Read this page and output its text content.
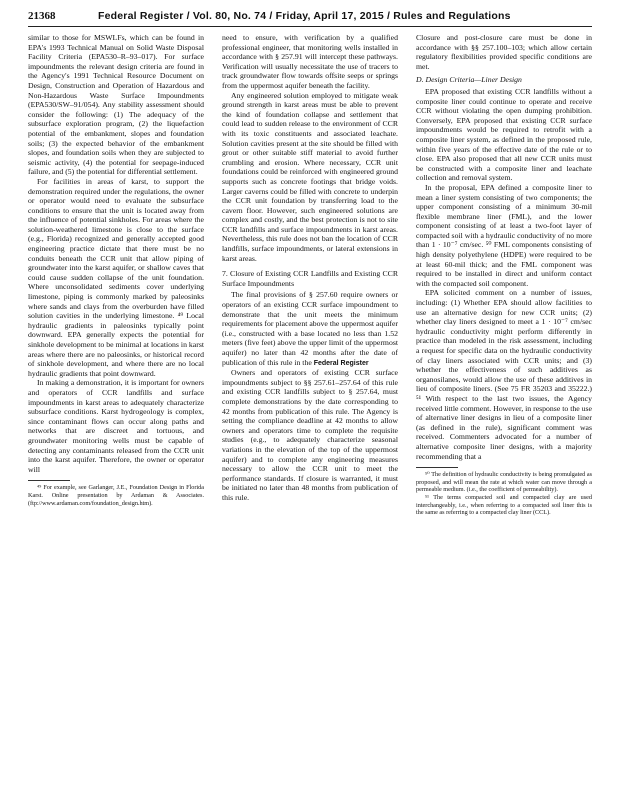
21368	Federal Register / Vol. 80, No. 74 / Friday, April 17, 2015 / Rules and Regulations

similar to those for MSWLFs, which can be found in EPA's 1993 Technical Manual on Solid Waste Disposal Facility Criteria (EPA530–R–93–017). For surface impoundments the relevant design criteria are found in the Agency's 1991 Technical Resource Document on Design, Construction and Operation of Hazardous and Non-Hazardous Waste Surface Impoundments (EPA530/SW–91/054). Any stability assessment should consider the following: (1) The adequacy of the subsurface exploration program, (2) the liquefaction potential of the embankment, slopes and foundation soils; (3) the expected behavior of the embankment slopes, and foundation soils when they are subjected to seismic activity, (4) the potential for seepage-induced failure, and (5) the potential for differential settlement.

For facilities in areas of karst, to support the demonstration required under the regulations, the owner or operator would need to evaluate the subsurface conditions to ensure that the unit is located away from the influence of potential sinkholes. For areas where the solution-weathered limestone is close to the surface (e.g., Florida) recognized and generally accepted good engineering practice dictate that there must be no conduits beneath the CCR unit that allow piping of groundwater into the karst aquifer, or shallow caves that could cause sudden collapse of the unit foundation. Where unconsolidated sediments cover underlying limestone, piping is commonly marked by paleosinks where sands and clays from the overburden have filled solution cavities in the underlying limestone. ⁴⁹ Local hydraulic gradients in paleosinks typically point downward. EPA generally expects the potential for sinkhole development to be minimal at locations in karst areas where there are no paleosinks, or historical record of sinkhole development, and where there are no local hydraulic gradients that point downward.

In making a demonstration, it is important for owners and operators of CCR landfills and surface impoundments in karst areas to adequately characterize subsurface conditions. Karst hydrogeology is complex, since contaminant flows can occur along paths and networks that are discreet and tortuous, and groundwater monitoring wells must be capable of detecting any contaminants released from the CCR unit into the karst aquifer. Therefore, the owner or operator will

⁴⁹ For example, see Garlanger, J.E., Foundation Design in Florida Karst. Online presentation by Ardaman & Associates. (ftp://www.ardaman.com/foundation_design.htm).

need to ensure, with verification by a qualified professional engineer, that monitoring wells installed in accordance with § 257.91 will intercept these pathways. Verification will usually necessitate the use of tracers to track groundwater flow towards offsite seeps or springs from the uppermost aquifer beneath the facility.

Any engineered solution employed to mitigate weak ground strength in karst areas must be able to prevent the kind of foundation collapse and settlement that could lead to sudden release to the environment of CCR with its toxic constituents and associated leachate. Solution cavities present at the site should be filled with grout or other suitable stiff material to avoid further crumbling and erosion. Where necessary, CCR unit foundations could be reinforced with engineered ground supports such as concrete footings that bridge voids. Larger caverns could be filled with concrete to underpin the CCR unit foundation by transferring load to the cavern floor. However, such engineered solutions are complex and costly, and the best protection is not to site CCR landfills and surface impoundments in karst areas. Nevertheless, this rule does not ban the location of CCR landfills, surface impoundments, or lateral extensions in karst areas.

7. Closure of Existing CCR Landfills and Existing CCR Surface Impoundments

The final provisions of § 257.60 require owners or operators of an existing CCR surface impoundment to demonstrate that the unit meets the minimum requirements for placement above the uppermost aquifer (i.e., constructed with a base located no less than 1.52 meters (five feet) above the upper limit of the uppermost aquifer) no later than 42 months after the date of publication of this rule in the Federal Register

Owners and operators of existing CCR surface impoundments subject to §§ 257.61–257.64 of this rule and existing CCR landfills subject to § 257.64, must complete demonstrations by the date corresponding to 42 months from publication of this rule. The Agency is setting the compliance deadline at 42 months to allow owners and operators time to complete the requisite studies (e.g., to adequately characterize seasonal variations in the elevation of the top of the uppermost aquifer) and to complete any engineering measures necessary to allow the CCR unit to meet the performance standards. If closure is warranted, it must be initiated no later than 48 months from publication of this rule.

Closure and post-closure care must be done in accordance with §§ 257.100–103; which allow certain regulatory flexibilities provided specific conditions are met.

D. Design Criteria—Liner Design

EPA proposed that existing CCR landfills without a composite liner could continue to operate and receive CCR without violating the open dumping prohibition. Conversely, EPA proposed that existing CCR surface impoundments would be required to retrofit with a composite liner system, as defined in the proposed rule, within five years of the effective date of the rule or to close. EPA also proposed that all new CCR units must be constructed with a composite liner and leachate collection and removal system.

In the proposal, EPA defined a composite liner to mean a liner system consisting of two components; the upper component consisting of a minimum 30-mil flexible membrane liner (FML), and the lower component consisting of at least a two-foot layer of compacted soil with a hydraulic conductivity of no more than 1 · 10⁻⁷ cm/sec. ⁵⁰ FML components consisting of high density polyethylene (HDPE) were required to be at least 60-mil thick; and the FML component was required to be installed in direct and uniform contact with the compacted soil component.

EPA solicited comment on a number of issues, including: (1) Whether EPA should allow facilities to use an alternative design for new CCR units; (2) whether clay liners designed to meet a 1 · 10⁻⁷ cm/sec hydraulic conductivity might perform differently in practice than modeled in the risk assessment, including a request for specific data on the hydraulic conductivity of clay liners associated with CCR units; and (3) whether the effectiveness of such additives as organosilanes, would allow the use of these additives in lieu of composite liners. (See 75 FR 35203 and 35222.) ⁵¹ With respect to the last two issues, the Agency received little comment. However, in response to the use of alternative liner designs in lieu of a composite liner (as defined in the rule), significant comment was received. Commenters advocated for a number of alternative composite liner designs, with a majority recommending that a

⁵⁰ The definition of hydraulic conductivity is being promulgated as proposed, and will mean the rate at which water can move through a permeable medium. (i.e., the coefficient of permeability).

⁵¹ The terms compacted soil and compacted clay are used interchangeably, i.e., when referring to a compacted soil liner this is the same as referring to a compacted clay liner (CCL).
